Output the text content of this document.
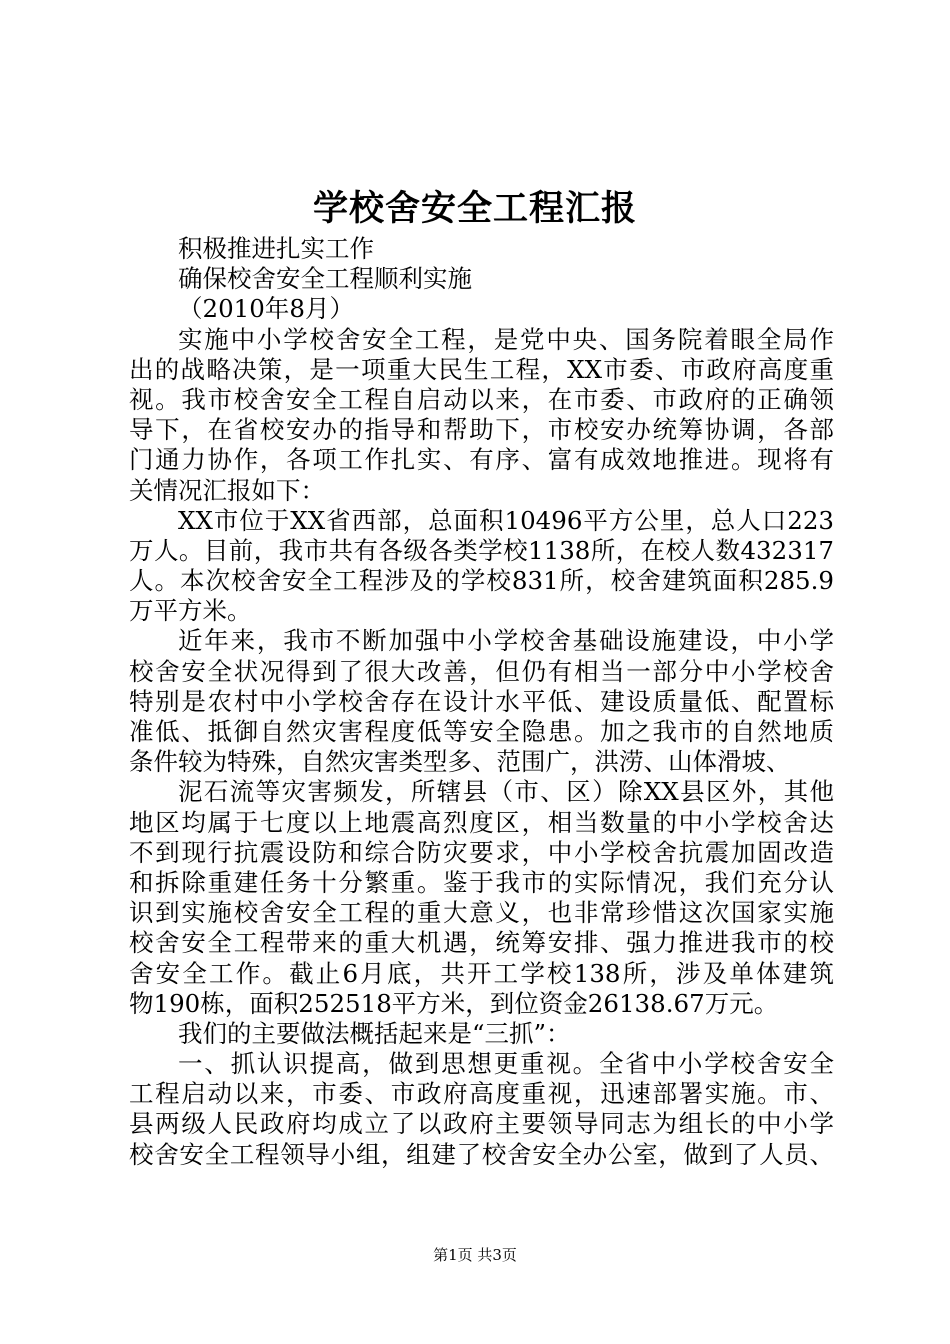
学校舍安全工程汇报
积极推进扎实工作
确保校舍安全工程顺利实施
（2010年8月）
实施中小学校舍安全工程，是党中央、国务院着眼全局作
出的战略决策，是一项重大民生工程，XX市委、市政府高度重
视。我市校舍安全工程自启动以来，在市委、市政府的正确领
导下，在省校安办的指导和帮助下，市校安办统筹协调，各部
门通力协作，各项工作扎实、有序、富有成效地推进。现将有
关情况汇报如下：
XX市位于XX省西部，总面积10496平方公里，总人口223
万人。目前，我市共有各级各类学校1138所，在校人数432317
人。本次校舍安全工程涉及的学校831所，校舍建筑面积285.9
万平方米。
近年来，我市不断加强中小学校舍基础设施建设，中小学
校舍安全状况得到了很大改善，但仍有相当一部分中小学校舍
特别是农村中小学校舍存在设计水平低、建设质量低、配置标
准低、抵御自然灾害程度低等安全隐患。加之我市的自然地质
条件较为特殊，自然灾害类型多、范围广，洪涝、山体滑坡、
泥石流等灾害频发，所辖县（市、区）除XX县区外，其他
地区均属于七度以上地震高烈度区，相当数量的中小学校舍达
不到现行抗震设防和综合防灾要求，中小学校舍抗震加固改造
和拆除重建任务十分繁重。鉴于我市的实际情况，我们充分认
识到实施校舍安全工程的重大意义，也非常珍惜这次国家实施
校舍安全工程带来的重大机遇，统筹安排、强力推进我市的校
舍安全工作。截止6月底，共开工学校138所，涉及单体建筑
物190栋，面积252518平方米，到位资金26138.67万元。
我们的主要做法概括起来是“三抓”：
一、抓认识提高，做到思想更重视。全省中小学校舍安全
工程启动以来，市委、市政府高度重视，迅速部署实施。市、
县两级人民政府均成立了以政府主要领导同志为组长的中小学
校舍安全工程领导小组，组建了校舍安全办公室，做到了人员、
第1页 共3页
